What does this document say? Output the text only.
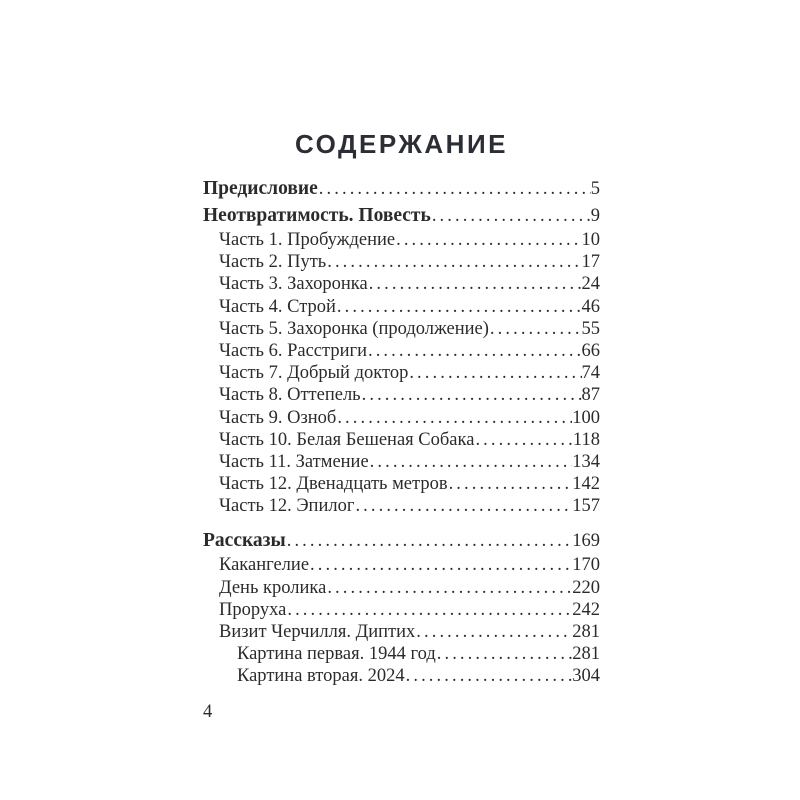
СОДЕРЖАНИЕ
Предисловие .....	5
Неотвратимость. Повесть .....	9
Часть 1. Пробуждение .....	10
Часть 2. Путь .....	17
Часть 3. Захоронка .....	24
Часть 4. Строй .....	46
Часть 5. Захоронка (продолжение) .....	55
Часть 6. Расстриги .....	66
Часть 7. Добрый доктор .....	74
Часть 8. Оттепель .....	87
Часть 9. Озноб .....	100
Часть 10. Белая Бешеная Собака .....	118
Часть 11. Затмение .....	134
Часть 12. Двенадцать метров .....	142
Часть 12. Эпилог .....	157
Рассказы .....	169
Какангелие .....	170
День кролика .....	220
Проруха .....	242
Визит Черчилля. Диптих .....	281
Картина первая. 1944 год .....	281
Картина вторая. 2024 .....	304
4
